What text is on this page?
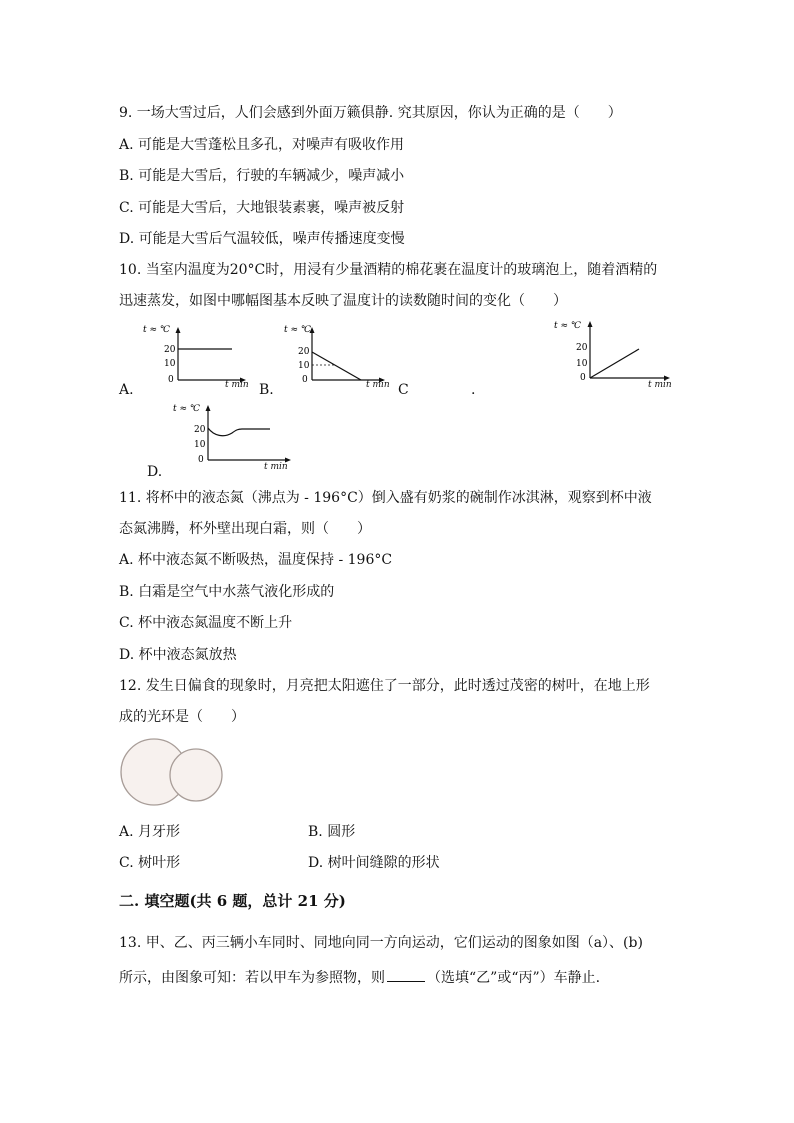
9. 一场大雪过后，人们会感到外面万籁俱静. 究其原因，你认为正确的是（　　）
A. 可能是大雪蓬松且多孔，对噪声有吸收作用
B. 可能是大雪后，行驶的车辆减少，噪声减小
C. 可能是大雪后，大地银装素裹，噪声被反射
D. 可能是大雪后气温较低，噪声传播速度变慢
10. 当室内温度为20°C时，用浸有少量酒精的棉花裹在温度计的玻璃泡上，随着酒精的
迅速蒸发，如图中哪幅图基本反映了温度计的读数随时间的变化（　　）
t ≈ ℃
20
10
0
A.	t min
t ≈ ℃
20
10
0
B.	t min C	.
t ≈ ℃
20
10
0
t min
t ≈ ℃
20
10
0
D.	t min
11. 将杯中的液态氮（沸点为 - 196°C）倒入盛有奶浆的碗制作冰淇淋，观察到杯中液
态氮沸腾，杯外壁出现白霜，则（　　）
A. 杯中液态氮不断吸热，温度保持 - 196°C
B. 白霜是空气中水蒸气液化形成的
C. 杯中液态氮温度不断上升
D. 杯中液态氮放热
12. 发生日偏食的现象时，月亮把太阳遮住了一部分，此时透过茂密的树叶，在地上形
成的光环是（　　）
A. 月牙形	B. 圆形
C. 树叶形	D. 树叶间缝隙的形状
二. 填空题(共 6 题，总计 21 分)
13. 甲、乙、丙三辆小车同时、同地向同一方向运动，它们运动的图象如图（a）、(b)
所示，由图象可知：若以甲车为参照物，则	（选填“乙”或“丙”）车静止.
